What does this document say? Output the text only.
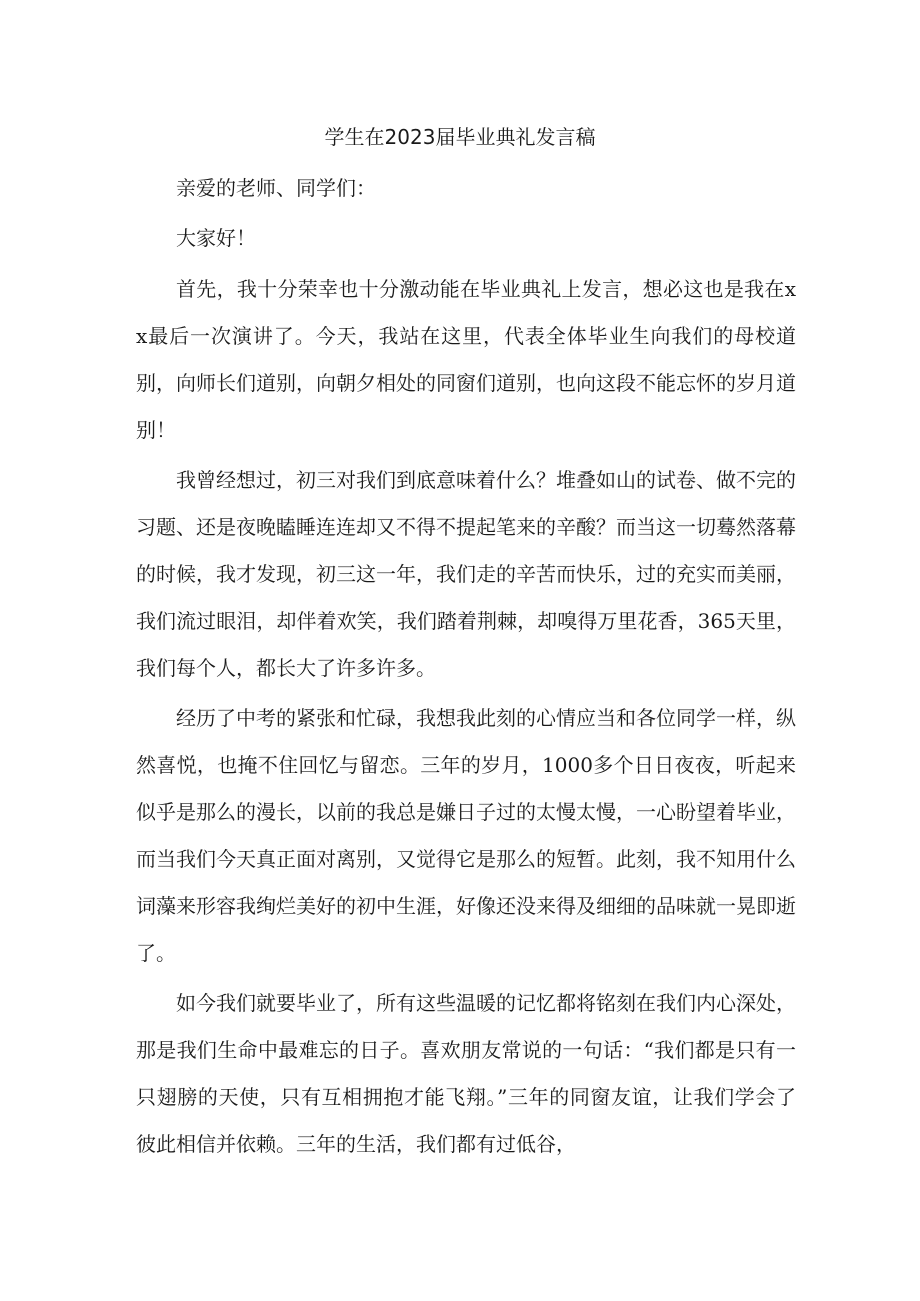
学生在2023届毕业典礼发言稿

亲爱的老师、同学们：

大家好！

首先，我十分荣幸也十分激动能在毕业典礼上发言，想必这也是我在xx最后一次演讲了。今天，我站在这里，代表全体毕业生向我们的母校道别，向师长们道别，向朝夕相处的同窗们道别，也向这段不能忘怀的岁月道别！

我曾经想过，初三对我们到底意味着什么？堆叠如山的试卷、做不完的习题、还是夜晚瞌睡连连却又不得不提起笔来的辛酸？而当这一切蓦然落幕的时候，我才发现，初三这一年，我们走的辛苦而快乐，过的充实而美丽，我们流过眼泪，却伴着欢笑，我们踏着荆棘，却嗅得万里花香，365天里，我们每个人，都长大了许多许多。

经历了中考的紧张和忙碌，我想我此刻的心情应当和各位同学一样，纵然喜悦，也掩不住回忆与留恋。三年的岁月，1000多个日日夜夜，听起来似乎是那么的漫长，以前的我总是嫌日子过的太慢太慢，一心盼望着毕业，而当我们今天真正面对离别，又觉得它是那么的短暂。此刻，我不知用什么词藻来形容我绚烂美好的初中生涯，好像还没来得及细细的品味就一晃即逝了。

如今我们就要毕业了，所有这些温暖的记忆都将铭刻在我们内心深处，那是我们生命中最难忘的日子。喜欢朋友常说的一句话：“我们都是只有一只翅膀的天使，只有互相拥抱才能飞翔。”三年的同窗友谊，让我们学会了彼此相信并依赖。三年的生活，我们都有过低谷，
